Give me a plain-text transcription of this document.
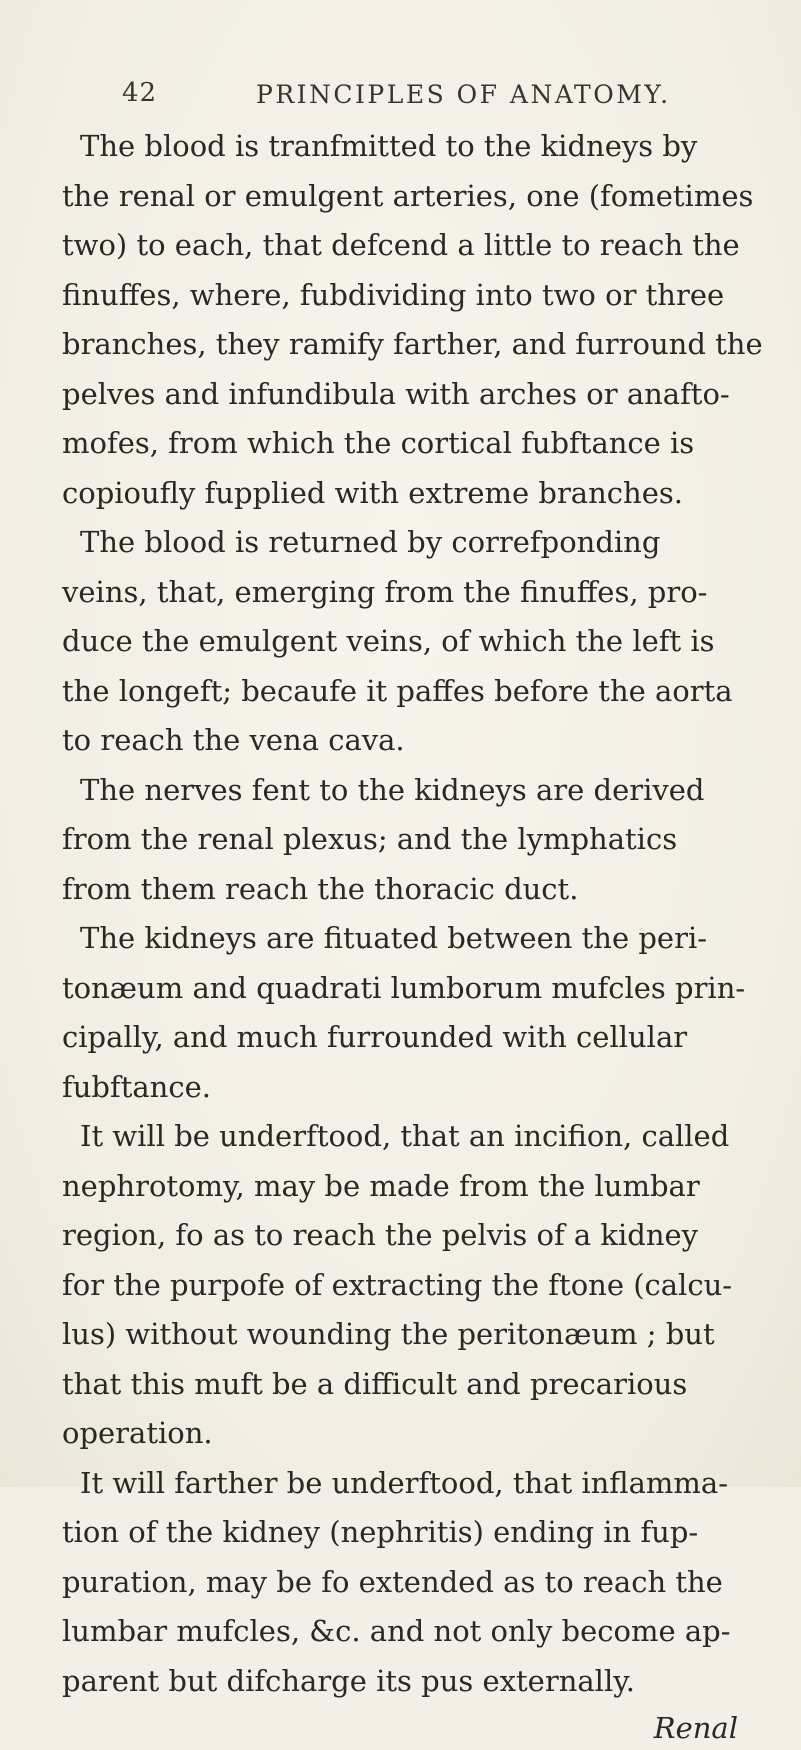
42	PRINCIPLES OF ANATOMY.
The blood is tranfmitted to the kidneys by
the renal or emulgent arteries, one (fometimes
two) to each, that defcend a little to reach the
finuffes, where, fubdividing into two or three
branches, they ramify farther, and furround the
pelves and infundibula with arches or anafto-
mofes, from which the cortical fubftance is
copioufly fupplied with extreme branches.
The blood is returned by correfponding
veins, that, emerging from the finuffes, pro-
duce the emulgent veins, of which the left is
the longeft; becaufe it paffes before the aorta
to reach the vena cava.
The nerves fent to the kidneys are derived
from the renal plexus; and the lymphatics
from them reach the thoracic duct.
The kidneys are fituated between the peri-
tonæum and quadrati lumborum mufcles prin-
cipally, and much furrounded with cellular
fubftance.
It will be underftood, that an incifion, called
nephrotomy, may be made from the lumbar
region, fo as to reach the pelvis of a kidney
for the purpofe of extracting the ftone (calcu-
lus) without wounding the peritonæum ; but
that this muft be a difficult and precarious
operation.
It will farther be underftood, that inflamma-
tion of the kidney (nephritis) ending in fup-
puration, may be fo extended as to reach the
lumbar mufcles, &c. and not only become ap-
parent but difcharge its pus externally.
Renal
